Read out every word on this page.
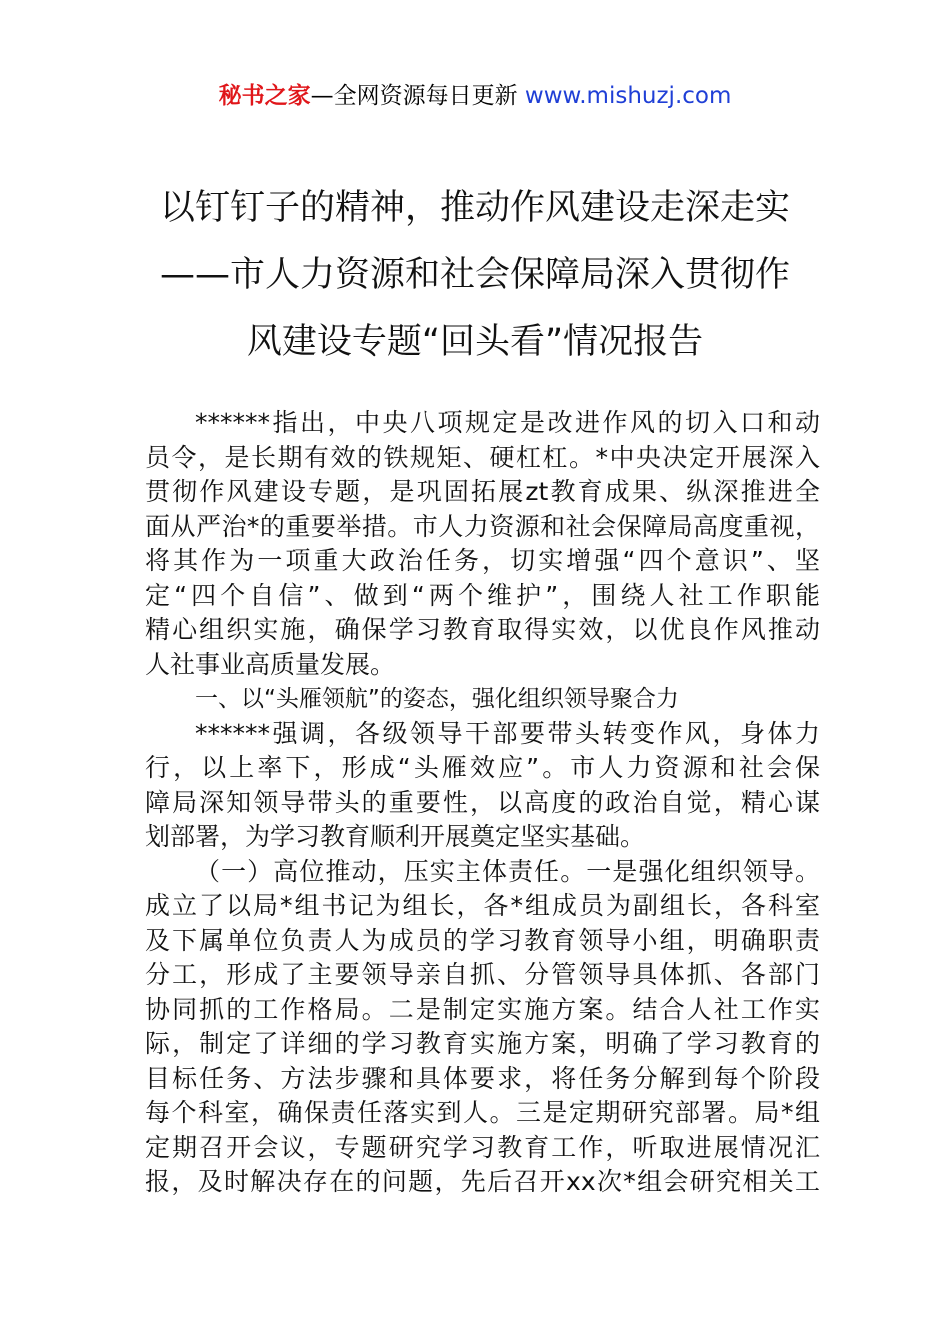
秘书之家—全网资源每日更新 www.mishuzj.com
以钉钉子的精神，推动作风建设走深走实
——市人力资源和社会保障局深入贯彻作
风建设专题“回头看”情况报告
******指出，中央八项规定是改进作风的切入口和动
员令，是长期有效的铁规矩、硬杠杠。*中央决定开展深入
贯彻作风建设专题，是巩固拓展zt教育成果、纵深推进全
面从严治*的重要举措。市人力资源和社会保障局高度重视，
将其作为一项重大政治任务，切实增强“四个意识”、坚
定“四个自信”、做到“两个维护”，围绕人社工作职能
精心组织实施，确保学习教育取得实效，以优良作风推动
人社事业高质量发展。
一、以“头雁领航”的姿态，强化组织领导聚合力
******强调，各级领导干部要带头转变作风，身体力
行，以上率下，形成“头雁效应”。市人力资源和社会保
障局深知领导带头的重要性，以高度的政治自觉，精心谋
划部署，为学习教育顺利开展奠定坚实基础。
（一）高位推动，压实主体责任。一是强化组织领导。
成立了以局*组书记为组长，各*组成员为副组长，各科室
及下属单位负责人为成员的学习教育领导小组，明确职责
分工，形成了主要领导亲自抓、分管领导具体抓、各部门
协同抓的工作格局。二是制定实施方案。结合人社工作实
际，制定了详细的学习教育实施方案，明确了学习教育的
目标任务、方法步骤和具体要求，将任务分解到每个阶段
每个科室，确保责任落实到人。三是定期研究部署。局*组
定期召开会议，专题研究学习教育工作，听取进展情况汇
报，及时解决存在的问题，先后召开xx次*组会研究相关工
